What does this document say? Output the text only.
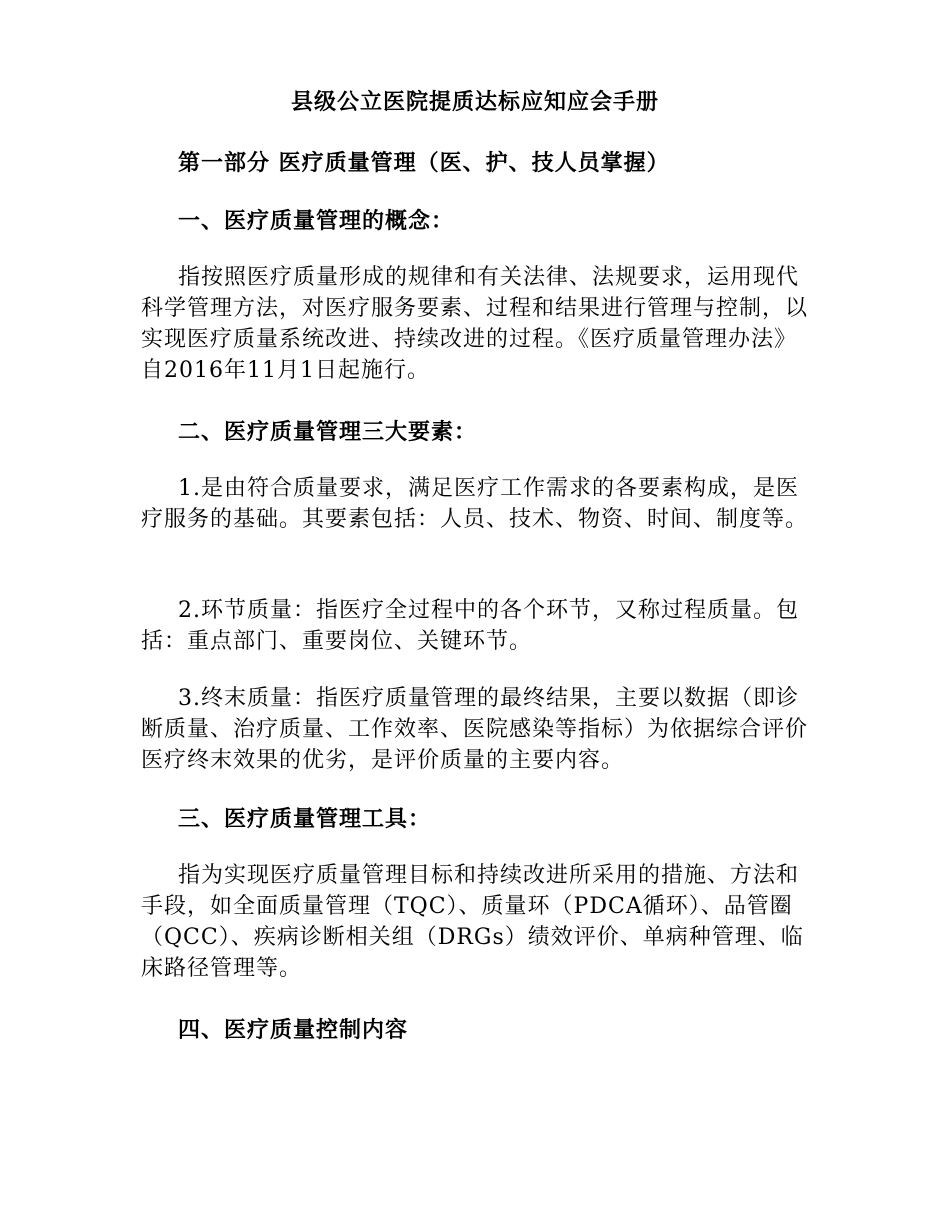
县级公立医院提质达标应知应会手册
第一部分 医疗质量管理（医、护、技人员掌握）
一、医疗质量管理的概念：

指按照医疗质量形成的规律和有关法律、法规要求，运用现代科学管理方法，对医疗服务要素、过程和结果进行管理与控制，以实现医疗质量系统改进、持续改进的过程。《医疗质量管理办法》自2016年11月1日起施行。

二、医疗质量管理三大要素：

1.是由符合质量要求，满足医疗工作需求的各要素构成，是医疗服务的基础。其要素包括：人员、技术、物资、时间、制度等。

2.环节质量：指医疗全过程中的各个环节，又称过程质量。包括：重点部门、重要岗位、关键环节。

3.终末质量：指医疗质量管理的最终结果，主要以数据（即诊断质量、治疗质量、工作效率、医院感染等指标）为依据综合评价医疗终末效果的优劣，是评价质量的主要内容。

三、医疗质量管理工具：

指为实现医疗质量管理目标和持续改进所采用的措施、方法和手段，如全面质量管理（TQC）、质量环（PDCA循环）、品管圈（QCC）、疾病诊断相关组（DRGs）绩效评价、单病种管理、临床路径管理等。

四、医疗质量控制内容
